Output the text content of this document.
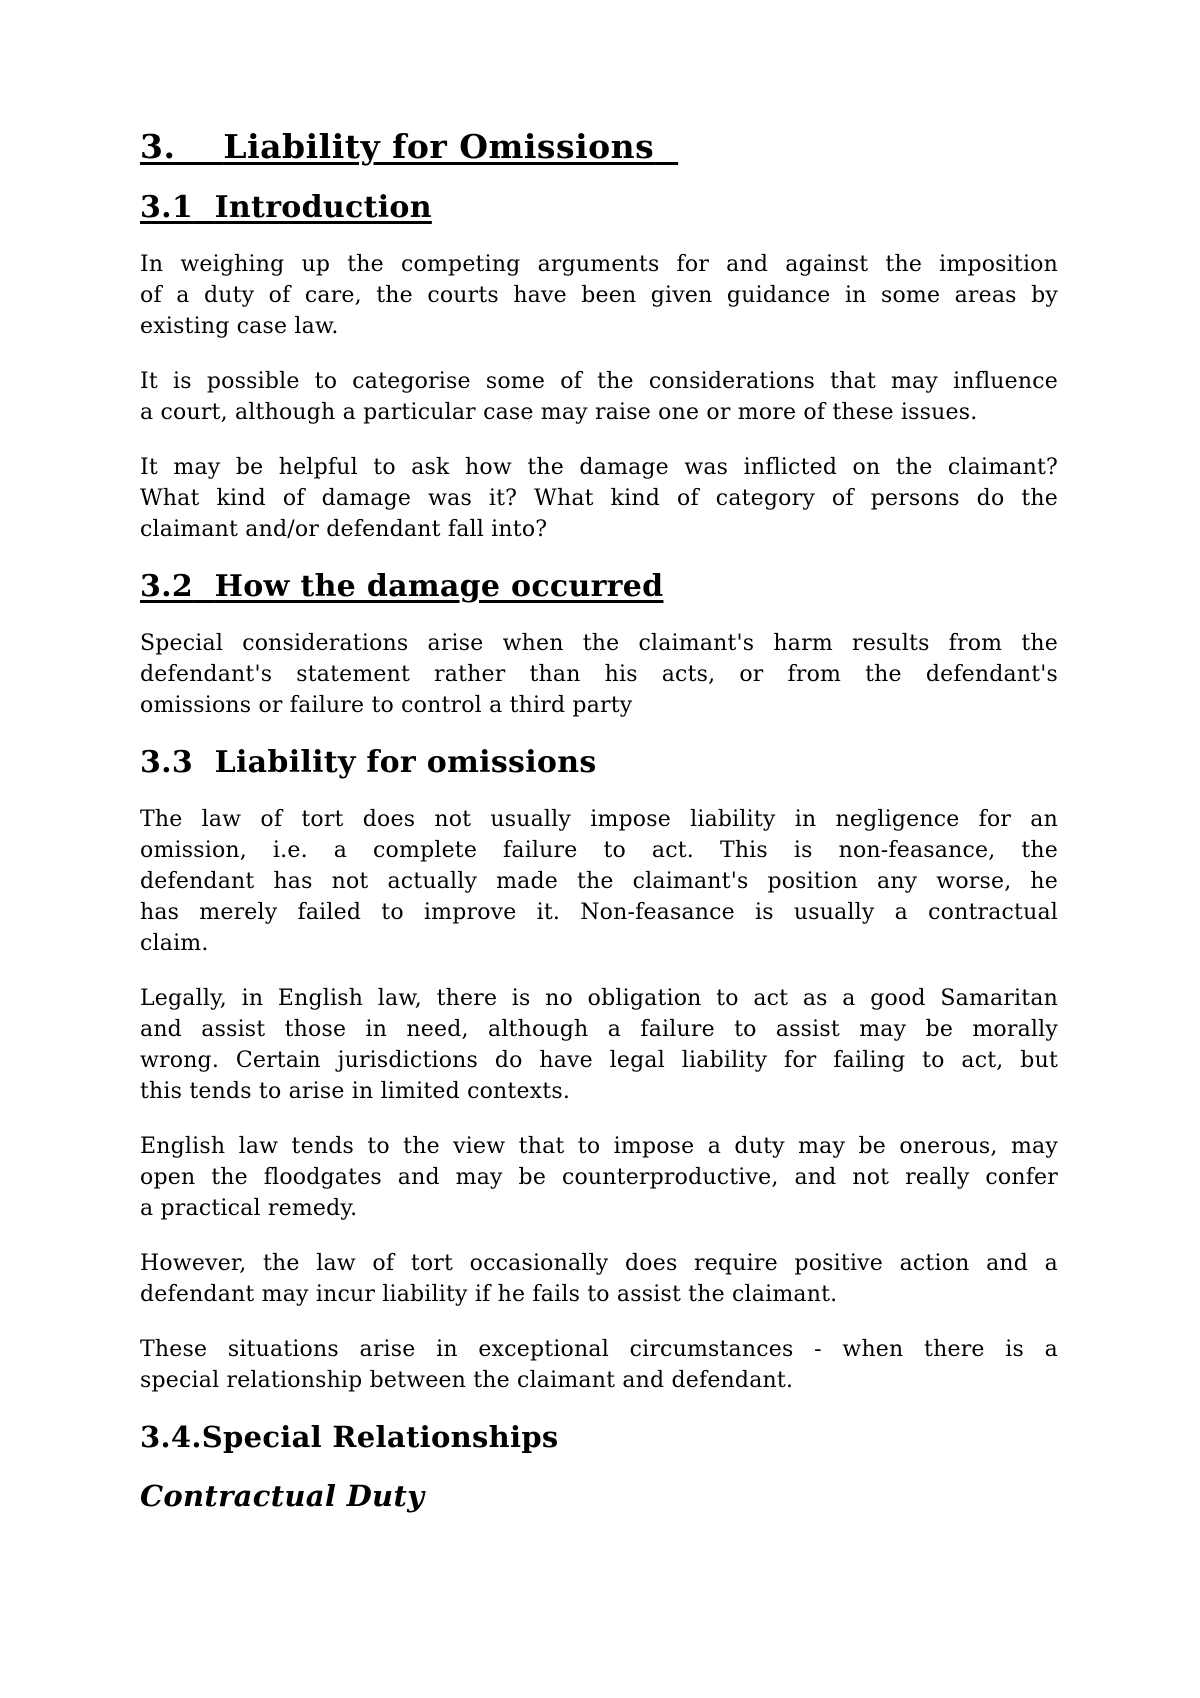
3. Liability for Omissions
3.1 Introduction
In weighing up the competing arguments for and against the imposition
of a duty of care, the courts have been given guidance in some areas by
existing case law.
It is possible to categorise some of the considerations that may influence
a court, although a particular case may raise one or more of these issues.
It may be helpful to ask how the damage was inflicted on the claimant?
What kind of damage was it? What kind of category of persons do the
claimant and/or defendant fall into?
3.2 How the damage occurred
Special considerations arise when the claimant's harm results from the
defendant's statement rather than his acts, or from the defendant's
omissions or failure to control a third party
3.3 Liability for omissions
The law of tort does not usually impose liability in negligence for an
omission, i.e. a complete failure to act. This is non-feasance, the
defendant has not actually made the claimant's position any worse, he
has merely failed to improve it. Non-feasance is usually a contractual
claim.
Legally, in English law, there is no obligation to act as a good Samaritan
and assist those in need, although a failure to assist may be morally
wrong. Certain jurisdictions do have legal liability for failing to act, but
this tends to arise in limited contexts.
English law tends to the view that to impose a duty may be onerous, may
open the floodgates and may be counterproductive, and not really confer
a practical remedy.
However, the law of tort occasionally does require positive action and a
defendant may incur liability if he fails to assist the claimant.
These situations arise in exceptional circumstances - when there is a
special relationship between the claimant and defendant.
3.4.Special Relationships
Contractual Duty
